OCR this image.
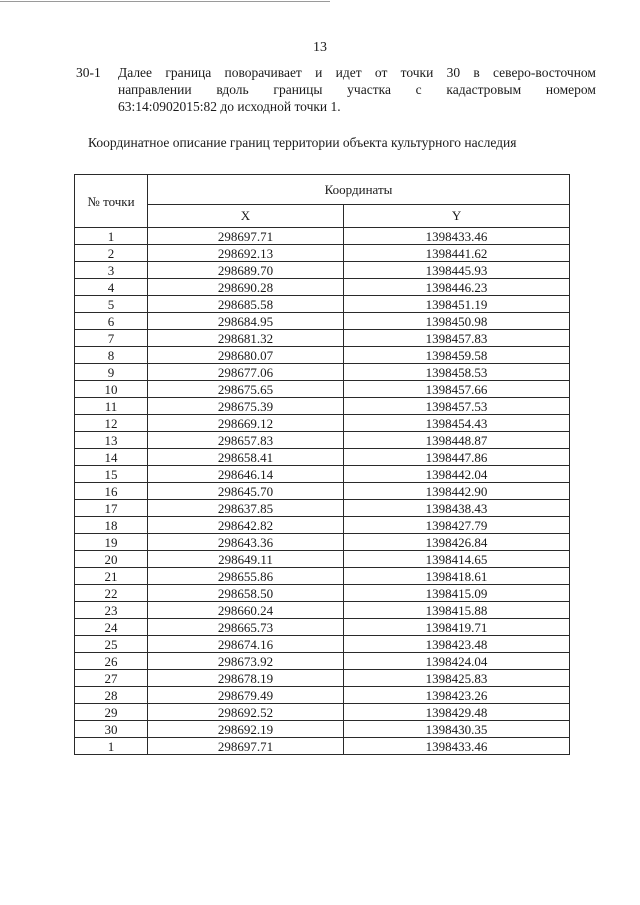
13
30-1 Далее граница поворачивает и идет от точки 30 в северо-восточном
направлении вдоль границы участка с кадастровым номером
63:14:0902015:82 до исходной точки 1.
Координатное описание границ территории объекта культурного наследия
№ точки	Координаты	
	X	Y
1	298697.71	1398433.46
2	298692.13	1398441.62
3	298689.70	1398445.93
4	298690.28	1398446.23
5	298685.58	1398451.19
6	298684.95	1398450.98
7	298681.32	1398457.83
8	298680.07	1398459.58
9	298677.06	1398458.53
10	298675.65	1398457.66
11	298675.39	1398457.53
12	298669.12	1398454.43
13	298657.83	1398448.87
14	298658.41	1398447.86
15	298646.14	1398442.04
16	298645.70	1398442.90
17	298637.85	1398438.43
18	298642.82	1398427.79
19	298643.36	1398426.84
20	298649.11	1398414.65
21	298655.86	1398418.61
22	298658.50	1398415.09
23	298660.24	1398415.88
24	298665.73	1398419.71
25	298674.16	1398423.48
26	298673.92	1398424.04
27	298678.19	1398425.83
28	298679.49	1398423.26
29	298692.52	1398429.48
30	298692.19	1398430.35
1	298697.71	1398433.46
